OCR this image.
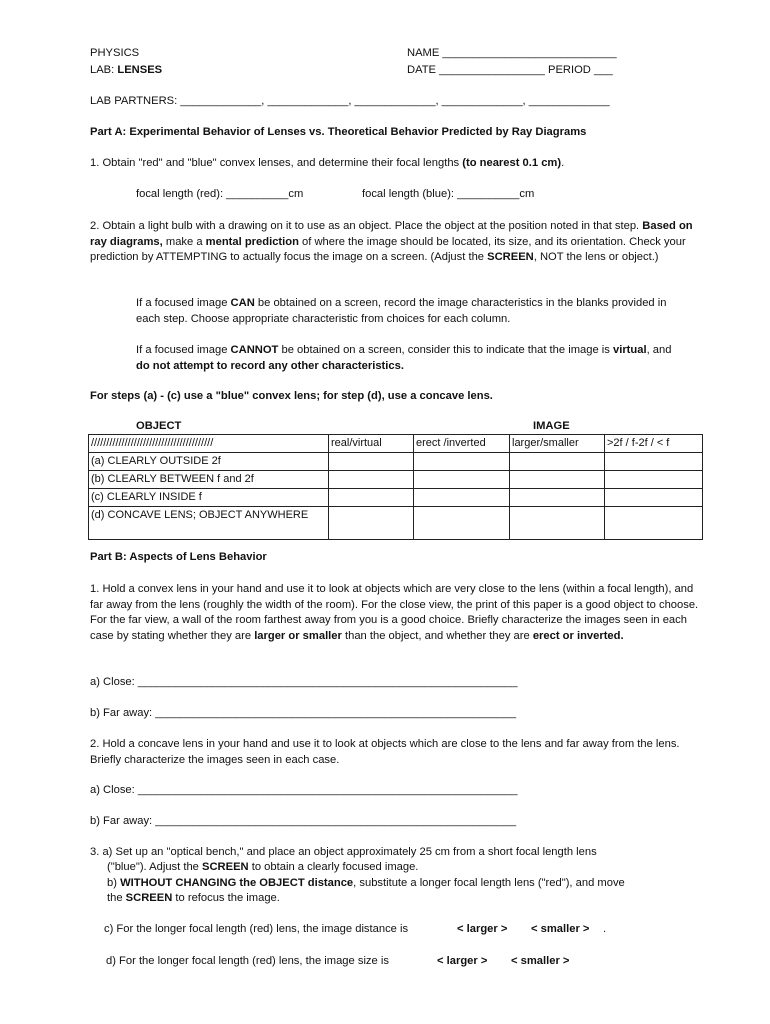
PHYSICS
LAB: LENSES
NAME ____________________________
DATE _________________ PERIOD ___
LAB PARTNERS: _____________, _____________, _____________, _____________, _____________
Part A: Experimental Behavior of Lenses vs. Theoretical Behavior Predicted by Ray Diagrams
1. Obtain "red" and "blue" convex lenses, and determine their focal lengths (to nearest 0.1 cm).
focal length (red): __________cm	focal length (blue): __________cm
2. Obtain a light bulb with a drawing on it to use as an object. Place the object at the position noted in that step. Based on ray diagrams, make a mental prediction of where the image should be located, its size, and its orientation. Check your prediction by ATTEMPTING to actually focus the image on a screen. (Adjust the SCREEN, NOT the lens or object.)
If a focused image CAN be obtained on a screen, record the image characteristics in the blanks provided in each step. Choose appropriate characteristic from choices for each column.
If a focused image CANNOT be obtained on a screen, consider this to indicate that the image is virtual, and do not attempt to record any other characteristics.
For steps (a) - (c) use a "blue" convex lens; for step (d), use a concave lens.
OBJECT	IMAGE
////////////////////////////////////////	real/virtual	erect /inverted	larger/smaller	>2f / f-2f / < f
(a) CLEARLY OUTSIDE 2f				
(b) CLEARLY BETWEEN f and 2f				
(c) CLEARLY INSIDE f				
(d) CONCAVE LENS; OBJECT ANYWHERE				
Part B: Aspects of Lens Behavior
1. Hold a convex lens in your hand and use it to look at objects which are very close to the lens (within a focal length), and far away from the lens (roughly the width of the room). For the close view, the print of this paper is a good object to choose. For the far view, a wall of the room farthest away from you is a good choice. Briefly characterize the images seen in each case by stating whether they are larger or smaller than the object, and whether they are erect or inverted.
a) Close: _____________________________________________________________
b) Far away: __________________________________________________________
2. Hold a concave lens in your hand and use it to look at objects which are close to the lens and far away from the lens. Briefly characterize the images seen in each case.
a) Close: _____________________________________________________________
b) Far away: __________________________________________________________
3. a) Set up an "optical bench," and place an object approximately 25 cm from a short focal length lens
("blue"). Adjust the SCREEN to obtain a clearly focused image.
b) WITHOUT CHANGING the OBJECT distance, substitute a longer focal length lens ("red"), and move
the SCREEN to refocus the image.
c) For the longer focal length (red) lens, the image distance is	< larger > < smaller > .
d) For the longer focal length (red) lens, the image size is	< larger > < smaller >
